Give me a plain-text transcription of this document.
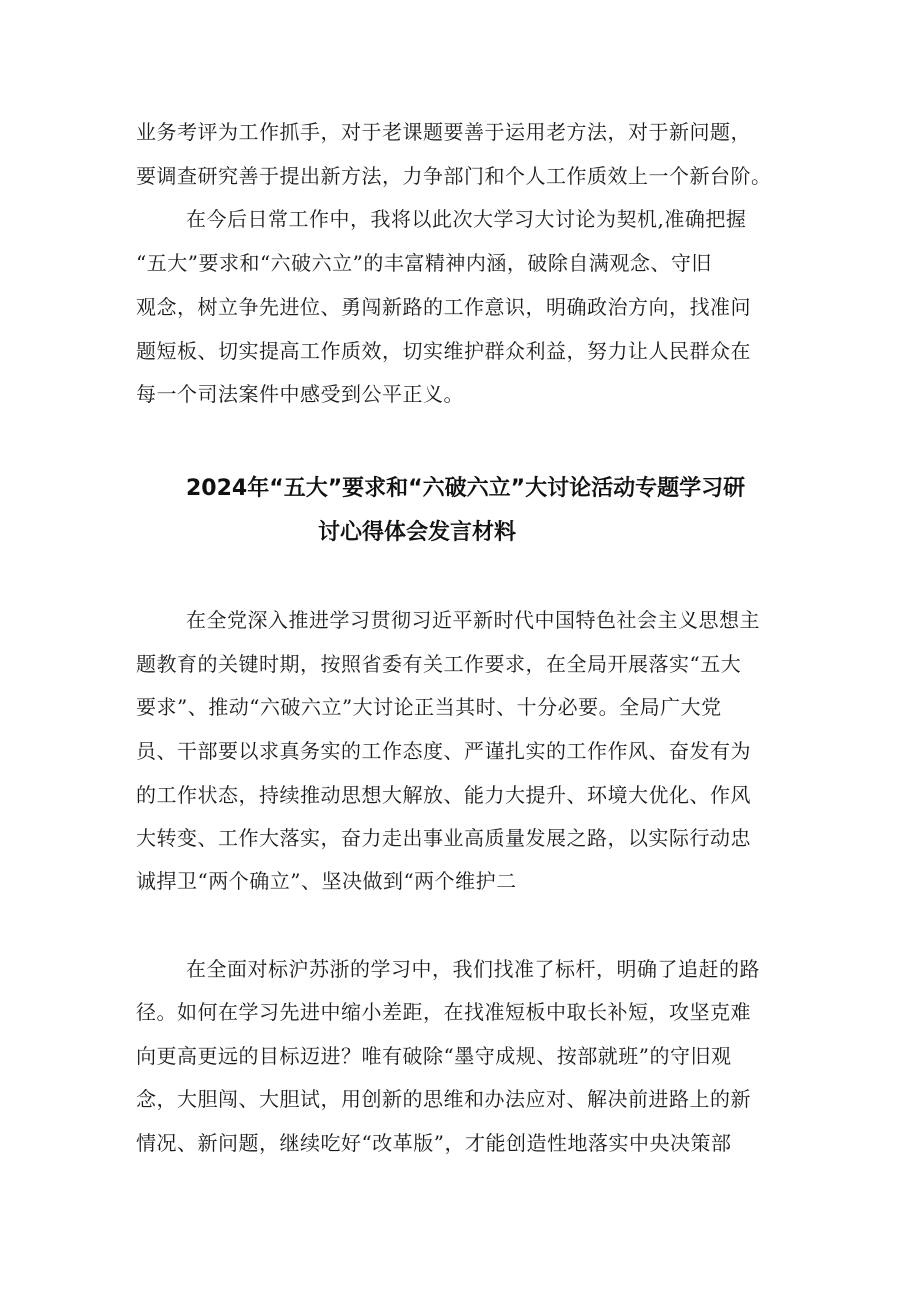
业务考评为工作抓手，对于老课题要善于运用老方法，对于新问题，
要调查研究善于提出新方法，力争部门和个人工作质效上一个新台阶。
在今后日常工作中，我将以此次大学习大讨论为契机,准确把握
“五大”要求和“六破六立”的丰富精神内涵，破除自满观念、守旧
观念，树立争先进位、勇闯新路的工作意识，明确政治方向，找准问
题短板、切实提高工作质效，切实维护群众利益，努力让人民群众在
每一个司法案件中感受到公平正义。
2024年“五大”要求和“六破六立”大讨论活动专题学习研
讨心得体会发言材料
在全党深入推进学习贯彻习近平新时代中国特色社会主义思想主
题教育的关键时期，按照省委有关工作要求，在全局开展落实“五大
要求”、推动“六破六立”大讨论正当其时、十分必要。全局广大党
员、干部要以求真务实的工作态度、严谨扎实的工作作风、奋发有为
的工作状态，持续推动思想大解放、能力大提升、环境大优化、作风
大转变、工作大落实，奋力走出事业高质量发展之路，以实际行动忠
诚捍卫“两个确立”、坚决做到“两个维护二
在全面对标沪苏浙的学习中，我们找准了标杆，明确了追赶的路
径。如何在学习先进中缩小差距，在找准短板中取长补短，攻坚克难
向更高更远的目标迈进？唯有破除“墨守成规、按部就班”的守旧观
念，大胆闯、大胆试，用创新的思维和办法应对、解决前进路上的新
情况、新问题，继续吃好“改革版”，才能创造性地落实中央决策部
